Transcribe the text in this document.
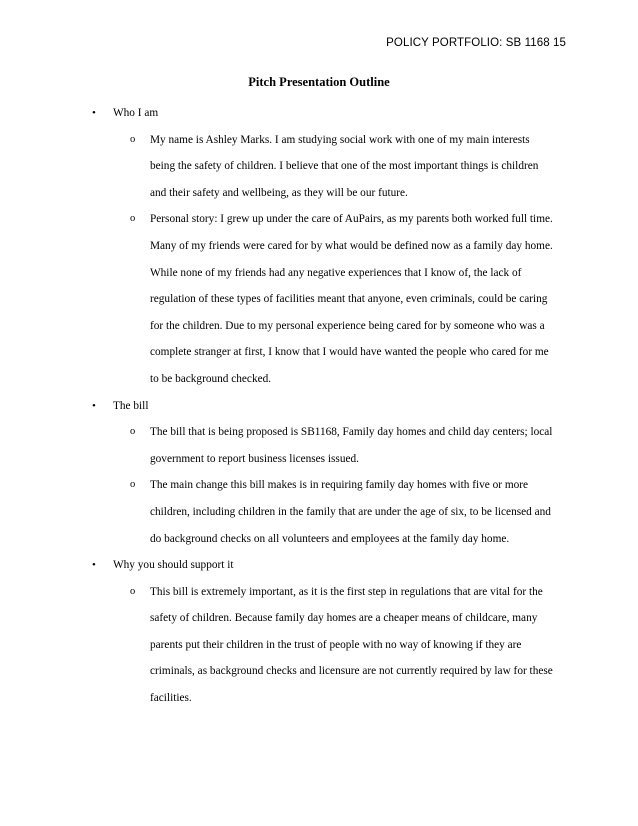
POLICY PORTFOLIO: SB 1168 15
Pitch Presentation Outline
• Who I am
o My name is Ashley Marks. I am studying social work with one of my main interests
being the safety of children. I believe that one of the most important things is children
and their safety and wellbeing, as they will be our future.
o Personal story: I grew up under the care of AuPairs, as my parents both worked full time.
Many of my friends were cared for by what would be defined now as a family day home.
While none of my friends had any negative experiences that I know of, the lack of
regulation of these types of facilities meant that anyone, even criminals, could be caring
for the children. Due to my personal experience being cared for by someone who was a
complete stranger at first, I know that I would have wanted the people who cared for me
to be background checked.
• The bill
o The bill that is being proposed is SB1168, Family day homes and child day centers; local
government to report business licenses issued.
o The main change this bill makes is in requiring family day homes with five or more
children, including children in the family that are under the age of six, to be licensed and
do background checks on all volunteers and employees at the family day home.
• Why you should support it
o This bill is extremely important, as it is the first step in regulations that are vital for the
safety of children. Because family day homes are a cheaper means of childcare, many
parents put their children in the trust of people with no way of knowing if they are
criminals, as background checks and licensure are not currently required by law for these
facilities.
